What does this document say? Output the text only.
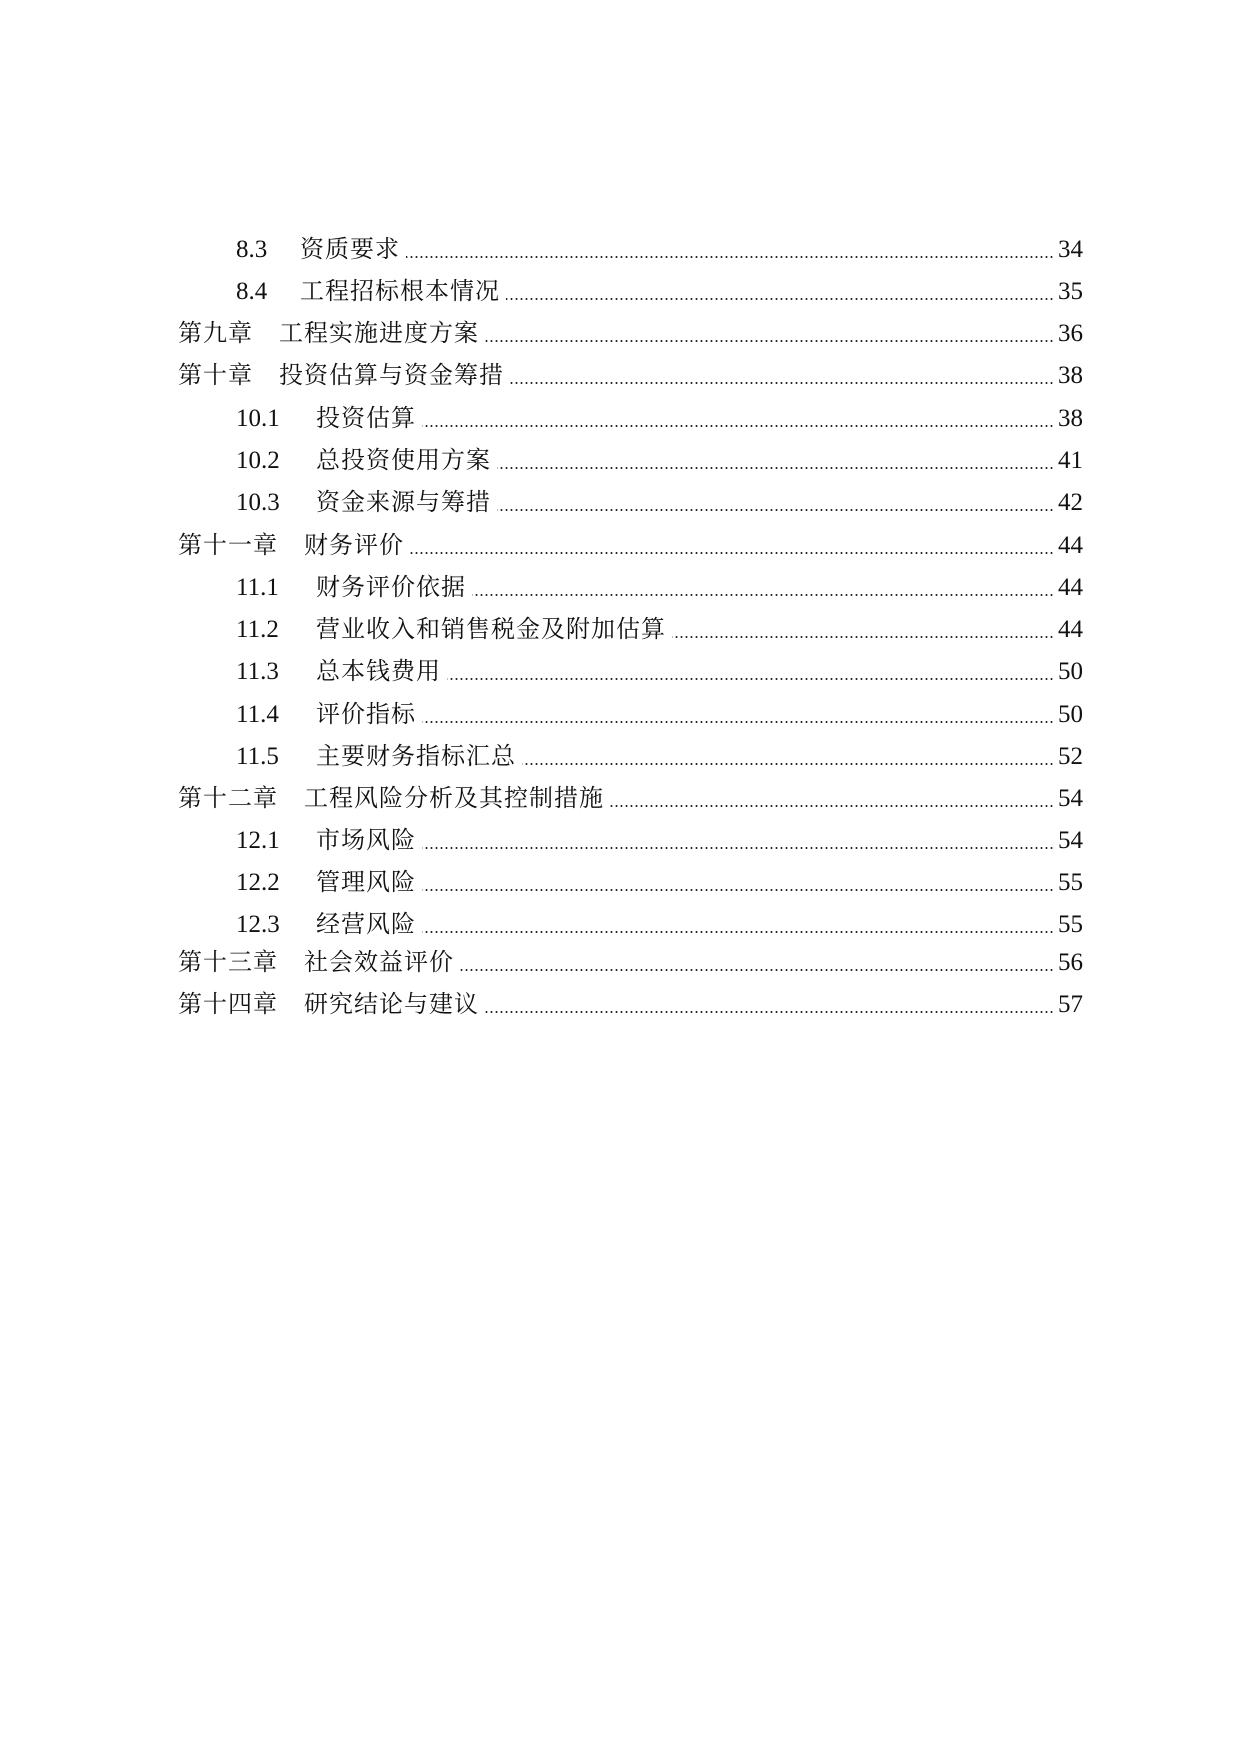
8.3	资质要求	34
8.4	工程招标根本情况	35
第九章 工程实施进度方案	36
第十章 投资估算与资金筹措	38
10.1	投资估算	38
10.2	总投资使用方案	41
10.3	资金来源与筹措	42
第十一章 财务评价	44
11.1	财务评价依据	44
11.2	营业收入和销售税金及附加估算	44
11.3	总本钱费用	50
11.4	评价指标	50
11.5	主要财务指标汇总	52
第十二章 工程风险分析及其控制措施	54
12.1	市场风险	54
12.2	管理风险	55
12.3	经营风险	55
第十三章 社会效益评价	56
第十四章 研究结论与建议	57
